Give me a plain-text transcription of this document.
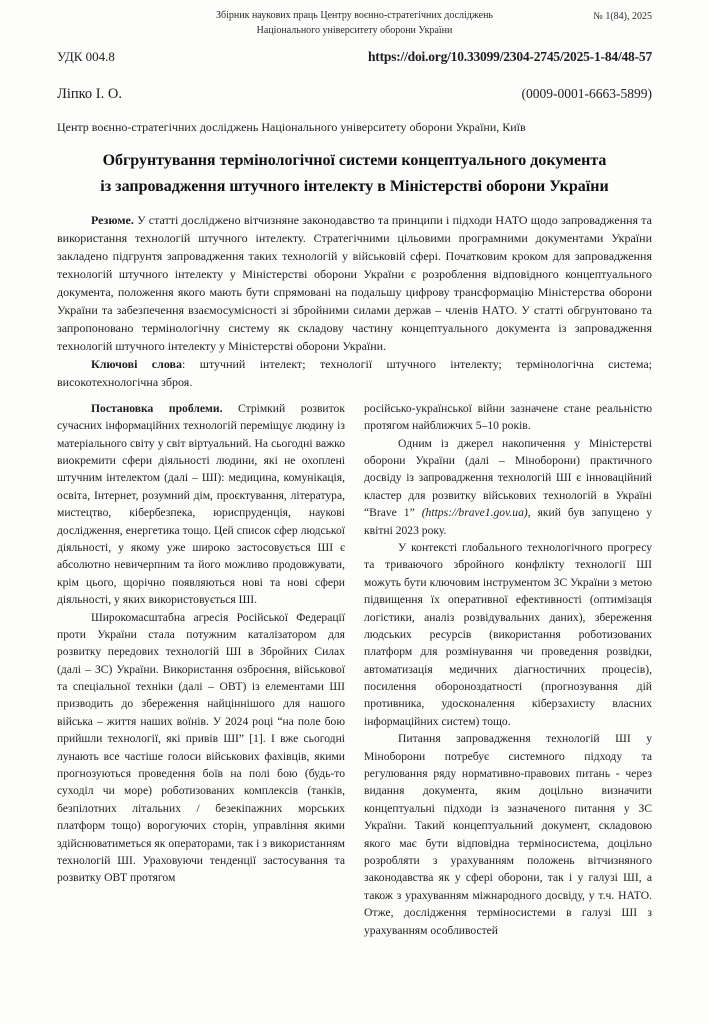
Збірник наукових праць Центру воєнно-стратегічних досліджень
Національного університету оборони України
№ 1(84), 2025
УДК 004.8	https://doi.org/10.33099/2304-2745/2025-1-84/48-57
Ліпко І. О.	(0009-0001-6663-5899)
Центр воєнно-стратегічних досліджень Національного університету оборони України, Київ
Обгрунтування термінологічної системи концептуального документа
із запровадження штучного інтелекту в Міністерстві оборони України

Резюме. У статті досліджено вітчизняне законодавство та принципи і підходи НАТО щодо запровадження та використання технологій штучного інтелекту. Стратегічними цільовими програмними документами України закладено підгрунтя запровадження таких технологій у військовій сфері. Початковим кроком для запровадження технологій штучного інтелекту у Міністерстві оборони України є розроблення відповідного концептуального документа, положення якого мають бути спрямовані на подальшу цифрову трансформацію Міністерства оборони України та забезпечення взаємосумісності зі збройними силами держав – членів НАТО. У статті обгрунтовано та запропоновано термінологічну систему як складову частину концептуального документа із запровадження технологій штучного інтелекту у Міністерстві оборони України.

Ключові слова: штучний інтелект; технології штучного інтелекту; термінологічна система; високотехнологічна зброя.

Постановка проблеми. Стрімкий розвиток сучасних інформаційних технологій переміщує людину із матеріального світу у світ віртуальний. На сьогодні важко виокремити сфери діяльності людини, які не охоплені штучним інтелектом (далі – ШІ): медицина, комунікація, освіта, Інтернет, розумний дім, проєктування, література, мистецтво, кібербезпека, юриспруденція, наукові дослідження, енергетика тощо. Цей список сфер людської діяльності, у якому уже широко застосовується ШІ є абсолютно невичерпним та його можливо продовжувати, крім цього, щорічно появляються нові та нові сфери діяльності, у яких використовується ШІ.

Широкомасштабна агресія Російської Федерації проти України стала потужним каталізатором для розвитку передових технологій ШІ в Збройних Силах (далі – ЗС) України. Використання озброєння, військової та спеціальної техніки (далі – ОВТ) із елементами ШІ призводить до збереження найціннішого для нашого війська – життя наших воїнів. У 2024 році “на поле бою прийшли технології, які привів ШІ” [1]. І вже сьогодні лунають все частіше голоси військових фахівців, якими прогнозуються проведення боїв на полі бою (будь-то суходіл чи море) роботизованих комплексів (танків, безпілотних літальних / безекіпажних морських платформ тощо) ворогуючих сторін, управління якими здійснюватиметься як операторами, так і з використанням технологій ШІ. Ураховуючи тенденції застосування та розвитку ОВТ протягом

російсько-української війни зазначене стане реальністю протягом найближчих 5–10 років.

Одним із джерел накопичення у Міністерстві оборони України (далі – Міноборони) практичного досвіду із запровадження технологій ШІ є інноваційний кластер для розвитку військових технологій в Україні “Brave 1” (https://brave1.gov.ua), який був запущено у квітні 2023 року.

У контексті глобального технологічного прогресу та триваючого збройного конфлікту технології ШІ можуть бути ключовим інструментом ЗС України з метою підвищення їх оперативної ефективності (оптимізація логістики, аналіз розвідувальних даних), збереження людських ресурсів (використання роботизованих платформ для розмінування чи проведення розвідки, автоматизація медичних діагностичних процесів), посилення обороноздатності (прогнозування дій противника, удосконалення кіберзахисту власних інформаційних систем) тощо.

Питання запровадження технологій ШІ у Міноборони потребує системного підходу та регулювання ряду нормативно-правових питань - через видання документа, яким доцільно визначити концептуальні підходи із зазначеного питання у ЗС України. Такий концептуальний документ, складовою якого має бути відповідна терміносистема, доцільно розробляти з урахуванням положень вітчизняного законодавства як у сфері оборони, так і у галузі ШІ, а також з урахуванням міжнародного досвіду, у т.ч. НАТО. Отже, дослідження терміносистеми в галузі ШІ з урахуванням особливостей
